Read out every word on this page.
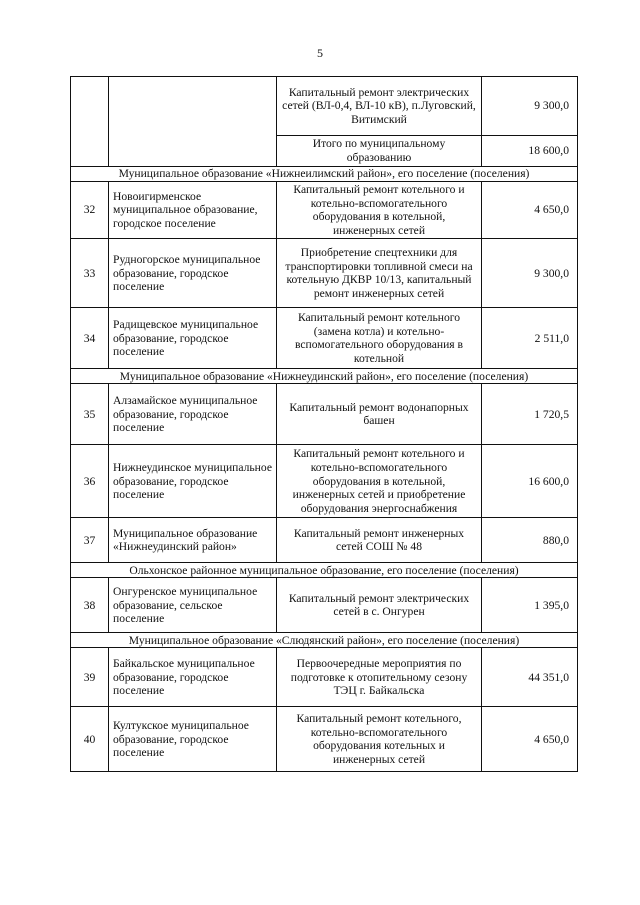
5
		Капитальный ремонт электрических сетей (ВЛ-0,4, ВЛ-10 кВ), п.Луговский, Витимский	9 300,0
		Итого по муниципальному образованию	18 600,0
Муниципальное образование «Нижнеилимский район», его поселение (поселения)			
32	Новоигирменское муниципальное образование, городское поселение	Капитальный ремонт котельного и котельно-вспомогательного оборудования в котельной, инженерных сетей	4 650,0
33	Рудногорское муниципальное образование, городское поселение	Приобретение спецтехники для транспортировки топливной смеси на котельную ДКВР 10/13, капитальный ремонт инженерных сетей	9 300,0
34	Радищевское муниципальное образование, городское поселение	Капитальный ремонт котельного (замена котла) и котельно-вспомогательного оборудования в котельной	2 511,0
Муниципальное образование «Нижнеудинский район», его поселение (поселения)			
35	Алзамайское муниципальное образование, городское поселение	Капитальный ремонт водонапорных башен	1 720,5
36	Нижнеудинское муниципальное образование, городское поселение	Капитальный ремонт котельного и котельно-вспомогательного оборудования в котельной, инженерных сетей и приобретение оборудования энергоснабжения	16 600,0
37	Муниципальное образование «Нижнеудинский район»	Капитальный ремонт инженерных сетей СОШ № 48	880,0
Ольхонское районное муниципальное образование, его поселение (поселения)			
38	Онгуренское муниципальное образование, сельское поселение	Капитальный ремонт электрических сетей в с. Онгурен	1 395,0
Муниципальное образование «Слюдянский район», его поселение (поселения)			
39	Байкальское муниципальное образование, городское поселение	Первоочередные мероприятия по подготовке к отопительному сезону ТЭЦ г. Байкальска	44 351,0
40	Култукское муниципальное образование, городское поселение	Капитальный ремонт котельного, котельно-вспомогательного оборудования котельных и инженерных сетей	4 650,0
